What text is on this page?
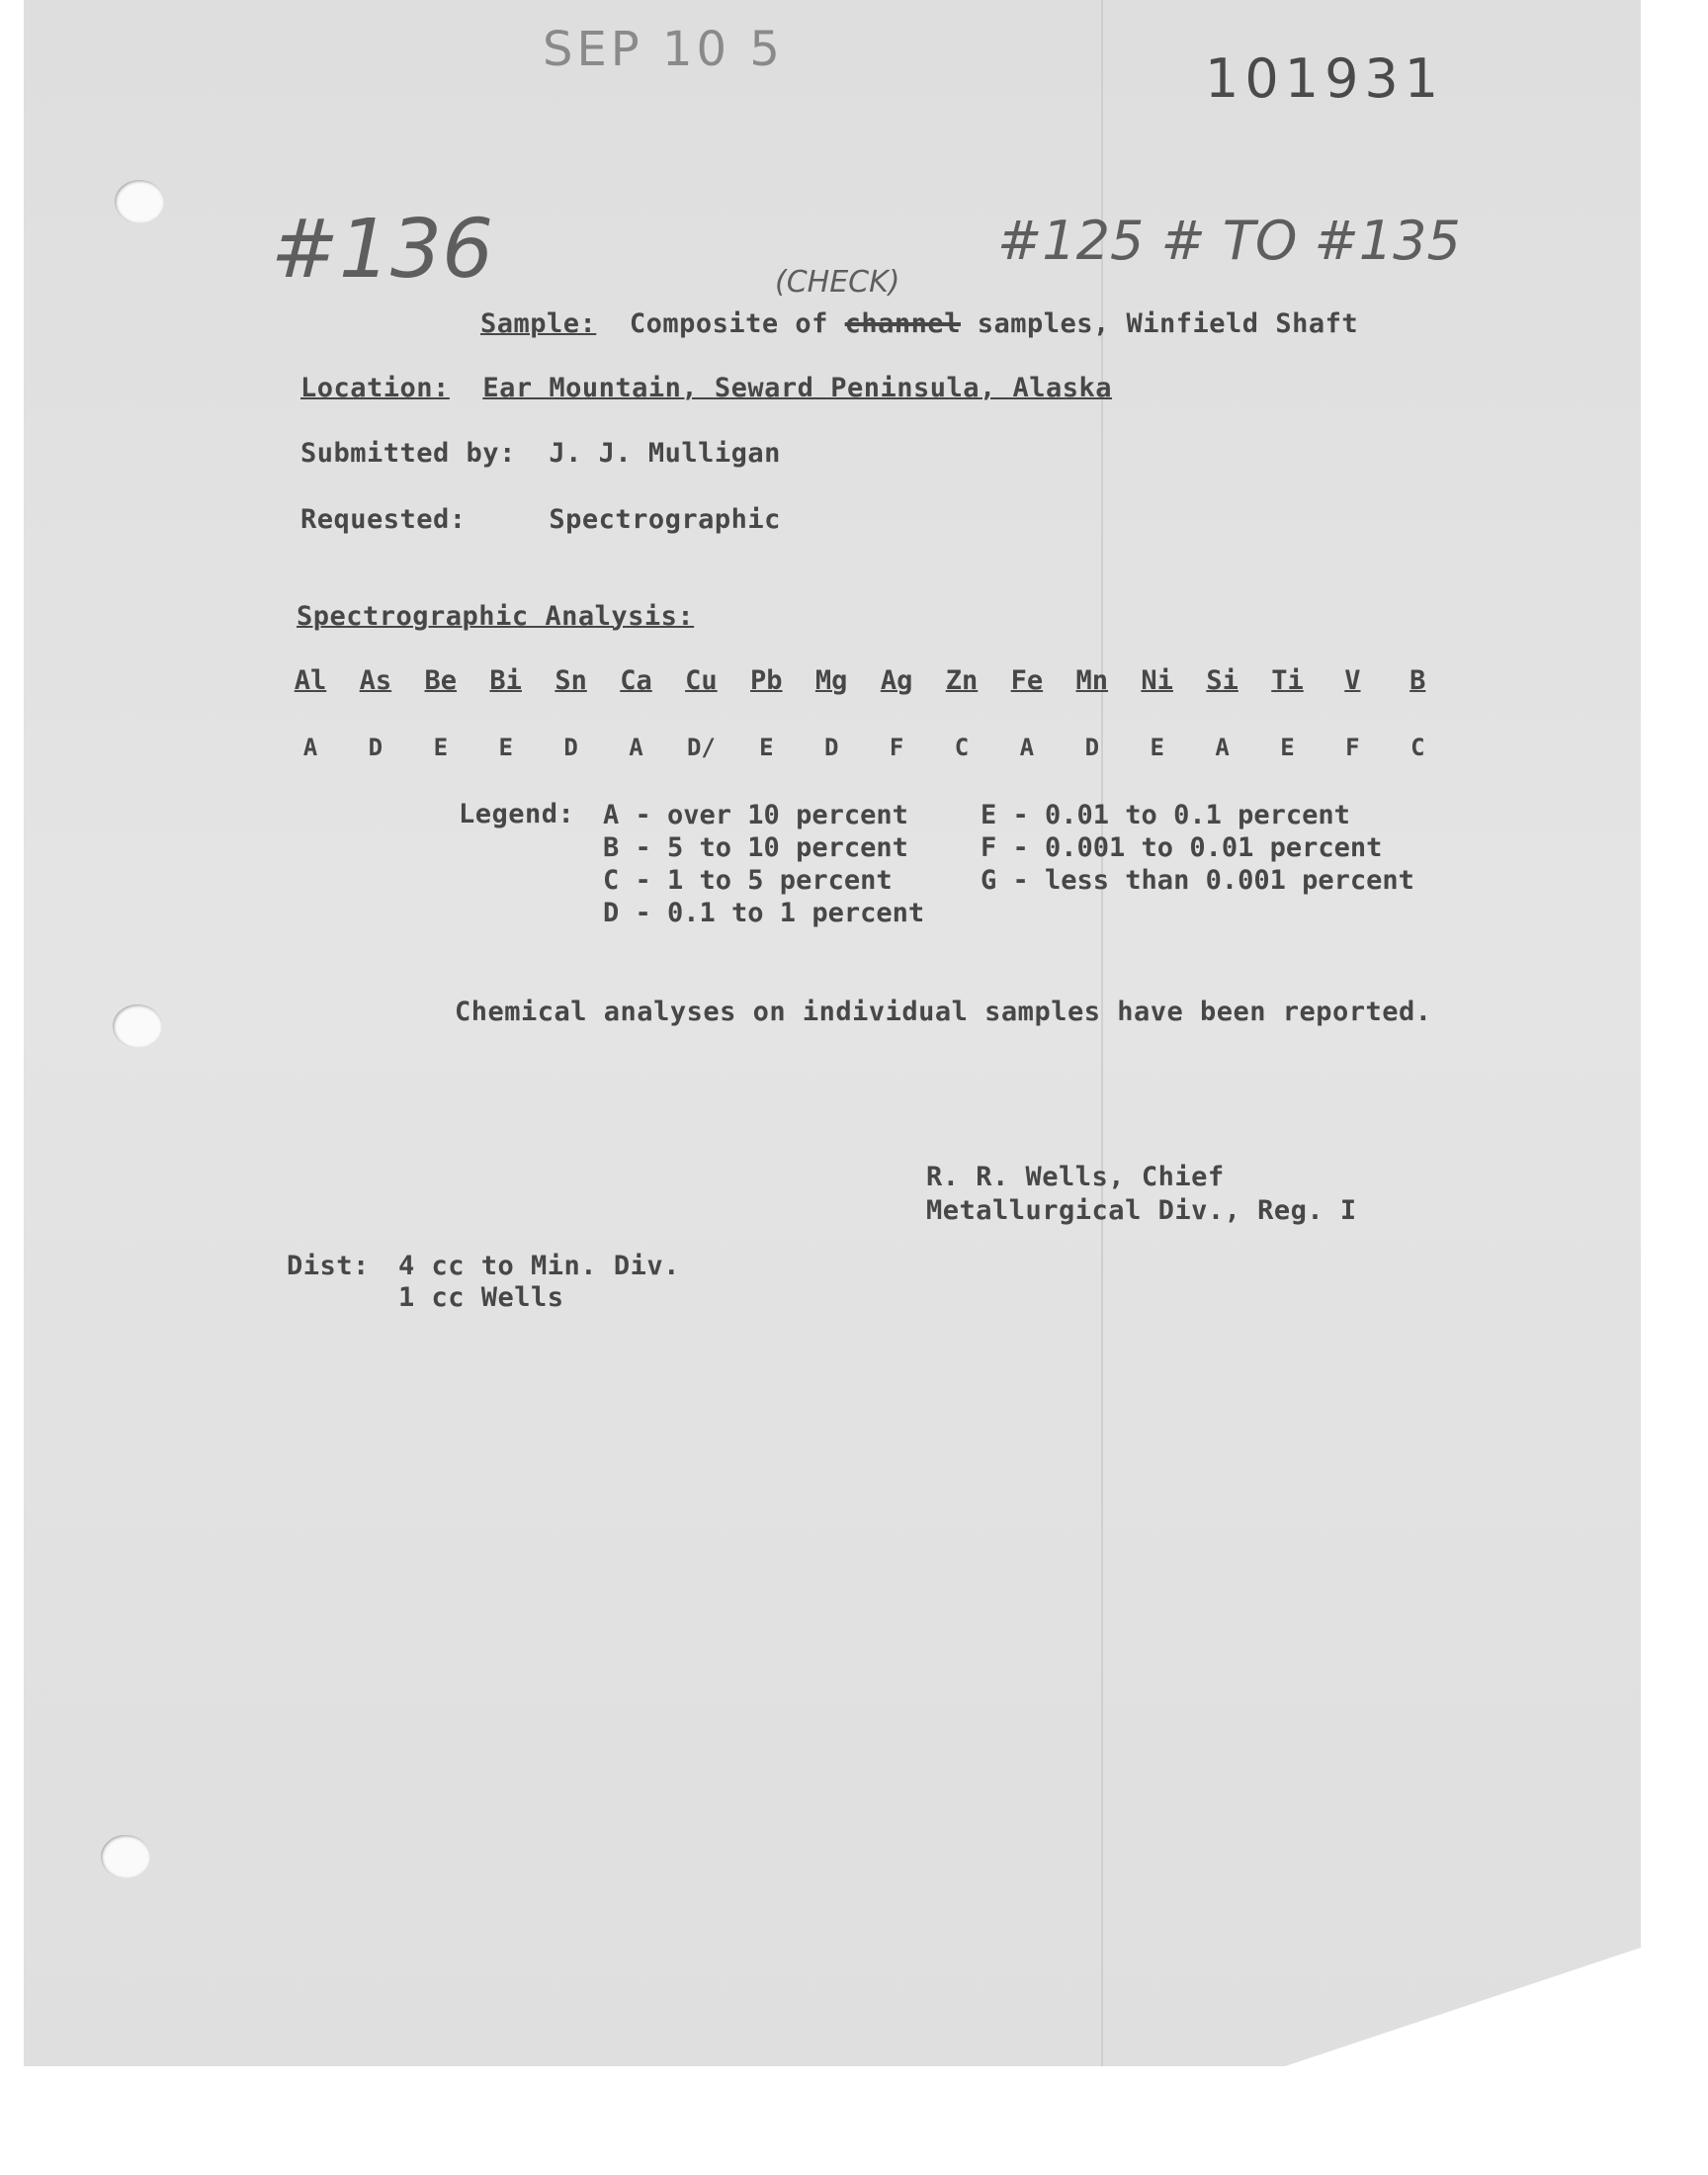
SEP 10 5	101931
#136	#125 # TO #135
(CHECK)
Sample: Composite of channel samples, Winfield Shaft
Location: Ear Mountain, Seward Peninsula, Alaska
Submitted by: J. J. Mulligan
Requested:	Spectrographic
Spectrographic Analysis:
Al As Be Bi Sn Ca Cu Pb Mg Ag Zn Fe Mn Ni Si Ti	V	B
A	D	E	E	D	A	D/	E	D	F	C	A	D	E	A	E	F	C
Legend: A - over 10 percent
B - 5 to 10 percent
C - 1 to 5 percent
D - 0.1 to 1 percent
E - 0.01 to 0.1 percent
F - 0.001 to 0.01 percent
G - less than 0.001 percent
Chemical analyses on individual samples have been reported.
R. R. Wells, Chief
Metallurgical Div., Reg. I
Dist: 4 cc to Min. Div.
1 cc Wells
